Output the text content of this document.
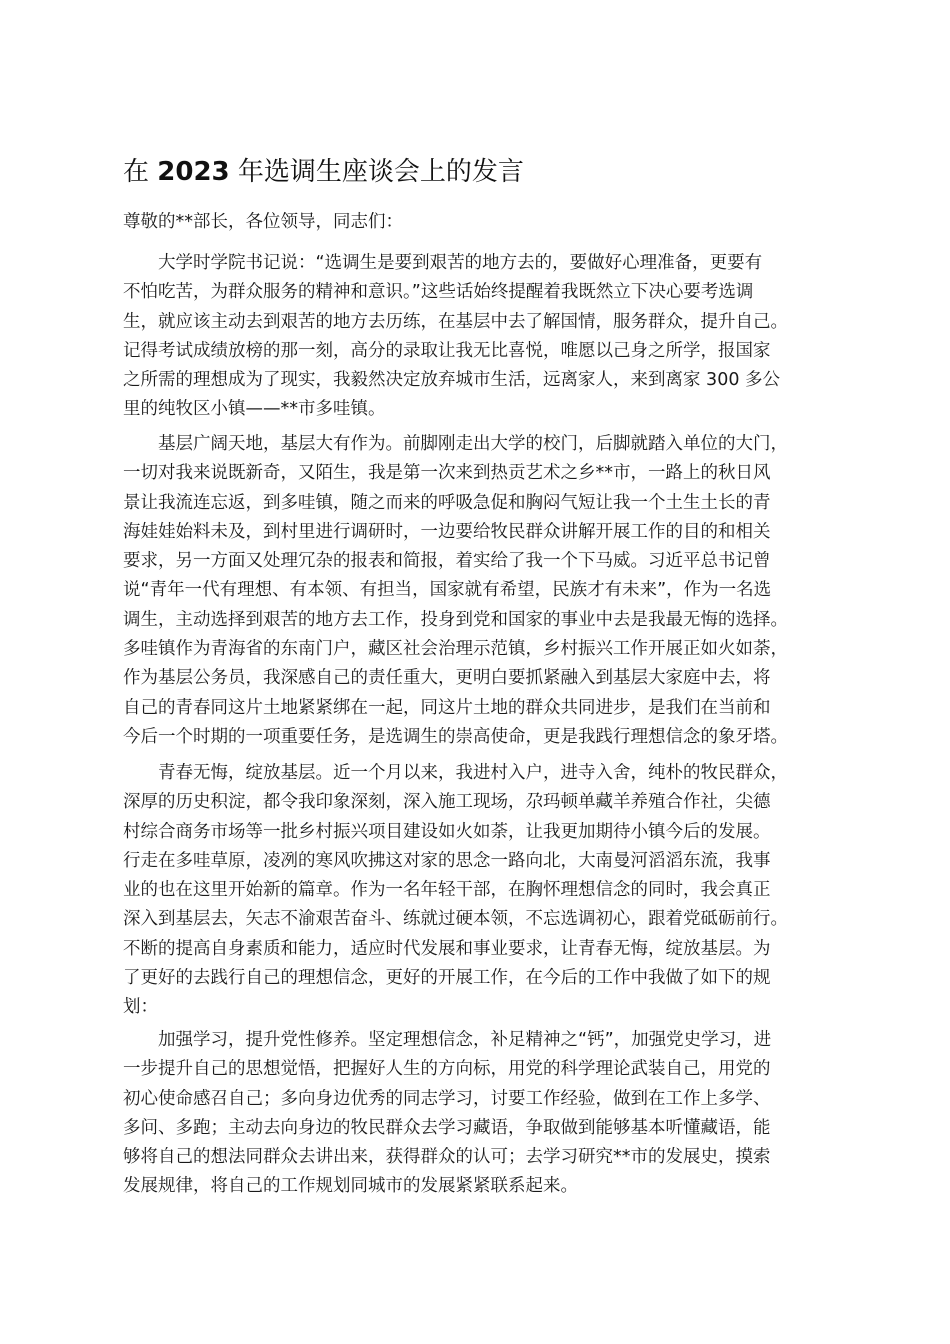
在 2023 年选调生座谈会上的发言

尊敬的**部长，各位领导，同志们：

大学时学院书记说：“选调生是要到艰苦的地方去的，要做好心理准备，更要有
不怕吃苦，为群众服务的精神和意识。”这些话始终提醒着我既然立下决心要考选调
生，就应该主动去到艰苦的地方去历练，在基层中去了解国情，服务群众，提升自己。
记得考试成绩放榜的那一刻，高分的录取让我无比喜悦，唯愿以己身之所学，报国家
之所需的理想成为了现实，我毅然决定放弃城市生活，远离家人，来到离家 300 多公
里的纯牧区小镇——**市多哇镇。
基层广阔天地，基层大有作为。前脚刚走出大学的校门，后脚就踏入单位的大门，
一切对我来说既新奇，又陌生，我是第一次来到热贡艺术之乡**市，一路上的秋日风
景让我流连忘返，到多哇镇，随之而来的呼吸急促和胸闷气短让我一个土生土长的青
海娃娃始料未及，到村里进行调研时，一边要给牧民群众讲解开展工作的目的和相关
要求，另一方面又处理冗杂的报表和简报，着实给了我一个下马威。习近平总书记曾
说“青年一代有理想、有本领、有担当，国家就有希望，民族才有未来”，作为一名选
调生，主动选择到艰苦的地方去工作，投身到党和国家的事业中去是我最无悔的选择。
多哇镇作为青海省的东南门户，藏区社会治理示范镇，乡村振兴工作开展正如火如荼，
作为基层公务员，我深感自己的责任重大，更明白要抓紧融入到基层大家庭中去，将
自己的青春同这片土地紧紧绑在一起，同这片土地的群众共同进步，是我们在当前和
今后一个时期的一项重要任务，是选调生的崇高使命，更是我践行理想信念的象牙塔。
青春无悔，绽放基层。近一个月以来，我进村入户，进寺入舍，纯朴的牧民群众，
深厚的历史积淀，都令我印象深刻，深入施工现场，尕玛顿单藏羊养殖合作社，尖德
村综合商务市场等一批乡村振兴项目建设如火如荼，让我更加期待小镇今后的发展。
行走在多哇草原，凌冽的寒风吹拂这对家的思念一路向北，大南曼河滔滔东流，我事
业的也在这里开始新的篇章。作为一名年轻干部，在胸怀理想信念的同时，我会真正
深入到基层去，矢志不渝艰苦奋斗、练就过硬本领，不忘选调初心，跟着党砥砺前行。
不断的提高自身素质和能力，适应时代发展和事业要求，让青春无悔，绽放基层。为
了更好的去践行自己的理想信念，更好的开展工作，在今后的工作中我做了如下的规
划：
加强学习，提升党性修养。坚定理想信念，补足精神之“钙”，加强党史学习，进
一步提升自己的思想觉悟，把握好人生的方向标，用党的科学理论武装自己，用党的
初心使命感召自己；多向身边优秀的同志学习，讨要工作经验，做到在工作上多学、
多问、多跑；主动去向身边的牧民群众去学习藏语，争取做到能够基本听懂藏语，能
够将自己的想法同群众去讲出来，获得群众的认可；去学习研究**市的发展史，摸索
发展规律，将自己的工作规划同城市的发展紧紧联系起来。
